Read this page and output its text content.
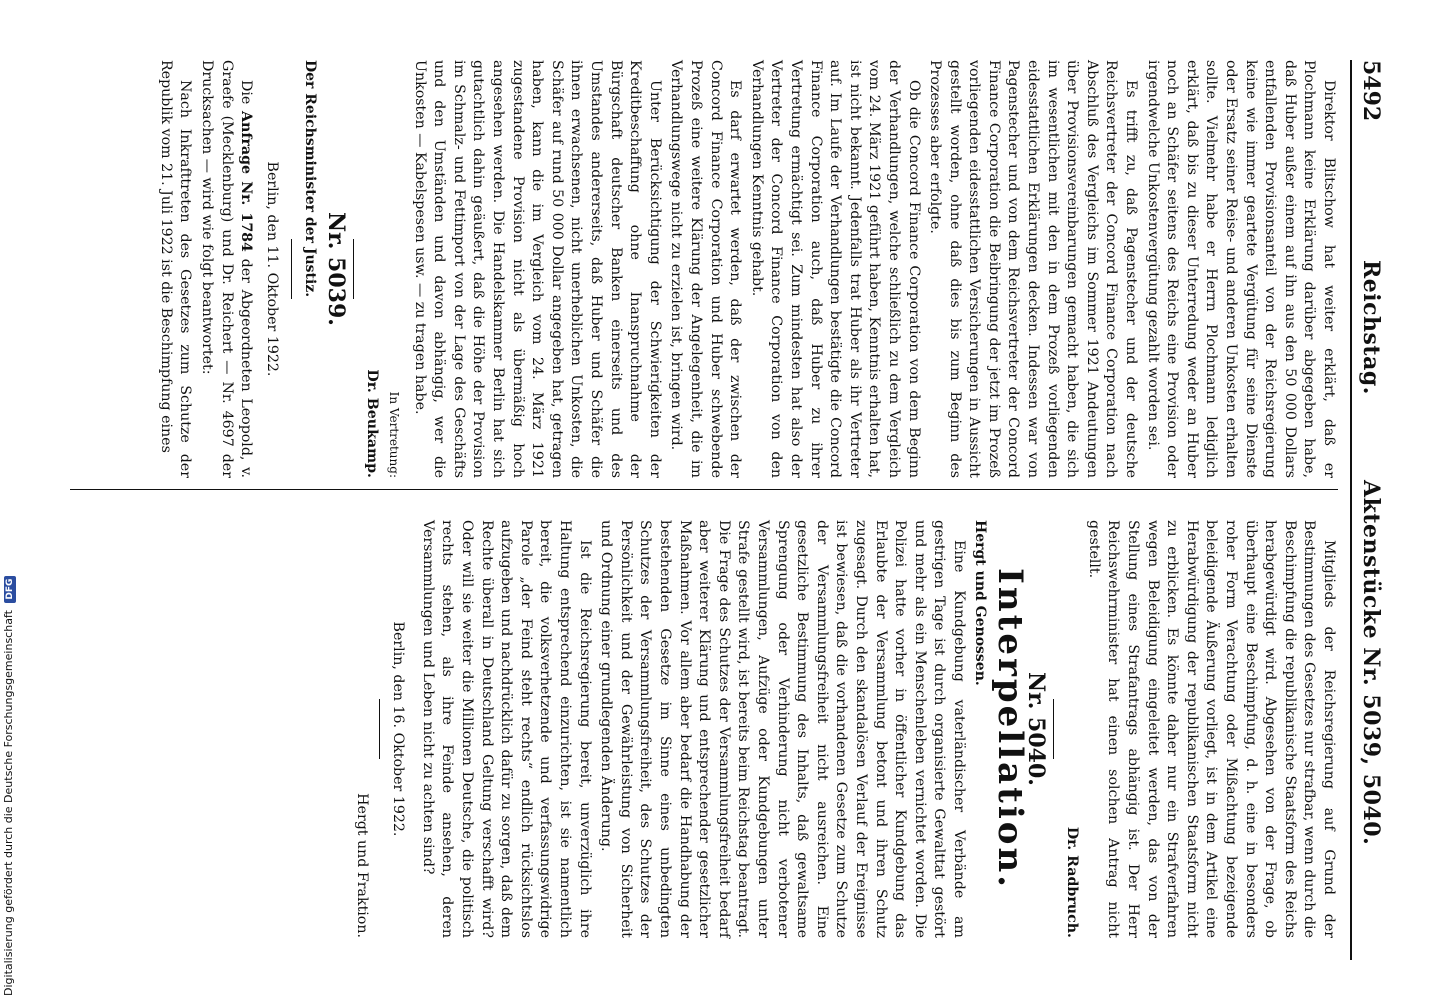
5492
Reichstag.
Aktenstücke Nr. 5039, 5040.

Direktor Blitschow hat weiter erklärt, daß er Plochmann keine Erklärung darüber abgegeben habe, daß Huber außer einem auf ihn aus den 50 000 Dollars entfallenden Provisionsanteil von der Reichsregierung keine wie immer geartete Vergütung für seine Dienste oder Ersatz seiner Reise- und anderen Unkosten erhalten sollte. Vielmehr habe er Herrn Plochmann lediglich erklärt, daß bis zu dieser Unterredung weder an Huber noch an Schäfer seitens des Reichs eine Provision oder irgendwelche Unkostenvergütung gezahlt worden sei.

Es trifft zu, daß Pagenstecher und der deutsche Reichsvertreter der Concord Finance Corporation nach Abschluß des Vergleichs im Sommer 1921 Andeutungen über Provisionsvereinbarungen gemacht haben, die sich im wesentlichen mit den in dem Prozeß vorliegenden eidesstattlichen Erklärungen decken. Indessen war von Pagenstecher und von dem Reichsvertreter der Concord Finance Corporation die Beibringung der jetzt im Prozeß vorliegenden eidesstattlichen Versicherungen in Aussicht gestellt worden, ohne daß dies bis zum Beginn des Prozesses aber erfolgte.

Ob die Concord Finance Corporation von dem Beginn der Verhandlungen, welche schließlich zu dem Vergleich vom 24. März 1921 geführt haben, Kenntnis erhalten hat, ist nicht bekannt. Jedenfalls trat Huber als ihr Vertreter auf. Im Laufe der Verhandlungen bestätigte die Concord Finance Corporation auch, daß Huber zu ihrer Vertretung ermächtigt sei. Zum mindesten hat also der Vertreter der Concord Finance Corporation von den Verhandlungen Kenntnis gehabt.

Es darf erwartet werden, daß der zwischen der Concord Finance Corporation und Huber schwebende Prozeß eine weitere Klärung der Angelegenheit, die im Verhandlungswege nicht zu erzielen ist, bringen wird.

Unter Berücksichtigung der Schwierigkeiten der Kreditbeschaffung ohne Inanspruchnahme der Bürgschaft deutscher Banken einerseits und des Umstandes andererseits, daß Huber und Schäfer die ihnen erwachsenen, nicht unerheblichen Unkosten, die Schäfer auf rund 50 000 Dollar angegeben hat, getragen haben, kann die im Vergleich vom 24. März 1921 zugestandene Provision nicht als übermäßig hoch angesehen werden. Die Handelskammer Berlin hat sich gutachtlich dahin geäußert, daß die Höhe der Provision im Schmalz- und Fettimport von der Lage des Geschäfts und den Umständen und davon abhängig, wer die Unkosten — Kabelspesen usw. — zu tragen habe.

In Vertretung:
Dr. Beukamp.
Nr. 5039.
Der Reichsminister der Justiz.
Berlin, den 11. Oktober 1922.

Die Anfrage Nr. 1784 der Abgeordneten Leopold, v. Graefe (Mecklenburg) und Dr. Reichert — Nr. 4697 der Drucksachen — wird wie folgt beantwortet:

Nach Inkrafttreten des Gesetzes zum Schutze der Republik vom 21. Juli 1922 ist die Beschimpfung eines

Mitglieds der Reichsregierung auf Grund der Bestimmungen des Gesetzes nur strafbar, wenn durch die Beschimpfung die republikanische Staatsform des Reichs herabgewürdigt wird. Abgesehen von der Frage, ob überhaupt eine Beschimpfung, d. h. eine in besonders roher Form Verachtung oder Mißachtung bezeigende beleidigende Äußerung vorliegt, ist in dem Artikel eine Herabwürdigung der republikanischen Staatsform nicht zu erblicken. Es könnte daher nur ein Strafverfahren wegen Beleidigung eingeleitet werden, das von der Stellung eines Strafantrags abhängig ist. Der Herr Reichswehrminister hat einen solchen Antrag nicht gestellt.

Dr. Radbruch.
Nr. 5040.
Interpellation.
Hergt und Genossen.

Eine Kundgebung vaterländischer Verbände am gestrigen Tage ist durch organisierte Gewalttat gestört und mehr als ein Menschenleben vernichtet worden. Die Polizei hatte vorher in öffentlicher Kundgebung das Erlaubte der Versammlung betont und ihren Schutz zugesagt. Durch den skandalösen Verlauf der Ereignisse ist bewiesen, daß die vorhandenen Gesetze zum Schutze der Versammlungsfreiheit nicht ausreichen. Eine gesetzliche Bestimmung des Inhalts, daß gewaltsame Sprengung oder Verhinderung nicht verbotener Versammlungen, Aufzüge oder Kundgebungen unter Strafe gestellt wird, ist bereits beim Reichstag beantragt. Die Frage des Schutzes der Versammlungsfreiheit bedarf aber weiterer Klärung und entsprechender gesetzlicher Maßnahmen. Vor allem aber bedarf die Handhabung der bestehenden Gesetze im Sinne eines unbedingten Schutzes der Versammlungsfreiheit, des Schutzes der Persönlichkeit und der Gewährleistung von Sicherheit und Ordnung einer grundlegenden Änderung.

Ist die Reichsregierung bereit, unverzüglich ihre Haltung entsprechend einzurichten, ist sie namentlich bereit, die volksverhetzende und verfassungswidrige Parole „der Feind steht rechts“ endlich rücksichtslos aufzugeben und nachdrücklich dafür zu sorgen, daß dem Rechte überall in Deutschland Geltung verschafft wird? Oder will sie weiter die Millionen Deutsche, die politisch rechts stehen, als ihre Feinde ansehen, deren Versammlungen und Leben nicht zu achten sind?

Berlin, den 16. Oktober 1922.
Hergt und Fraktion.
Digitalisierung gefördert durch die Deutsche Forschungsgemeinschaft DFG
